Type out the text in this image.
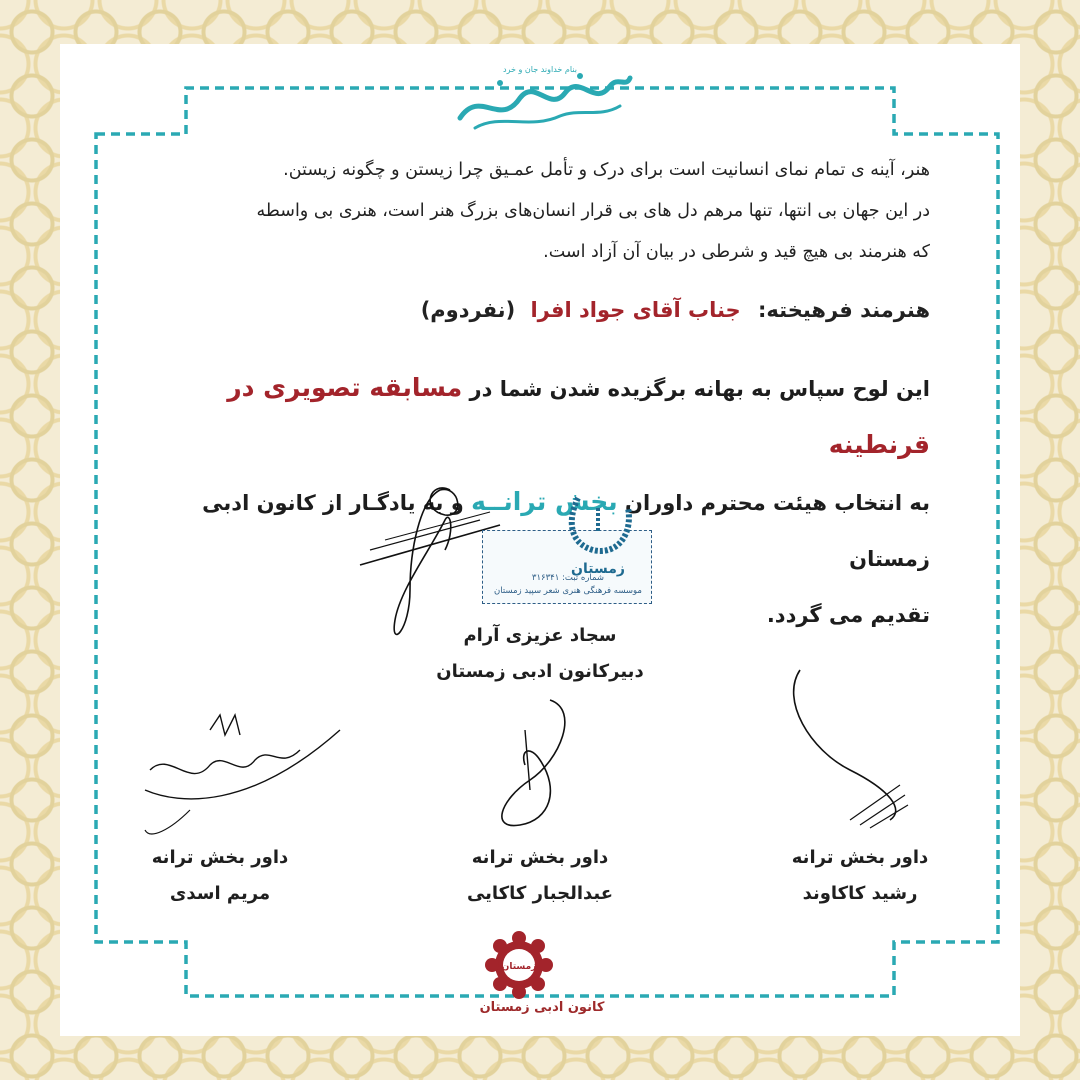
بنام خداوند جان و خرد
هنر، آینه ی تمام نمای انسانیت است برای درک و تأمل عمـیق چرا زیستن و چگونه زیستن.
در این جهان بی انتها، تنها مرهم دل های بی قرار انسان‌های بزرگ هنر است، هنری بی واسطه
که هنرمند بی هیچ قید و شرطی در بیان آن آزاد است.
هنرمند فرهیخته: جناب آقای جواد افرا (نفردوم)
این لوح سپاس به بهانه برگزیده شدن شما در مسابقه تصویری در قرنطینه
به انتخاب هیئت محترم داوران بخش ترانــه و به یادگـار از کانون ادبی زمستان
تقدیم می گردد.
زمستان
شماره ثبت: ۳۱۶۳۴۱
موسسه فرهنگی هنری شعر سپید زمستان
سجاد عزیزی آرام
دبیرکانون ادبی زمستان
داور بخش ترانه
رشید کاکاوند
داور بخش ترانه
عبدالجبار کاکایی
داور بخش ترانه
مریم اسدی
زمستان
کانون ادبی زمستان
